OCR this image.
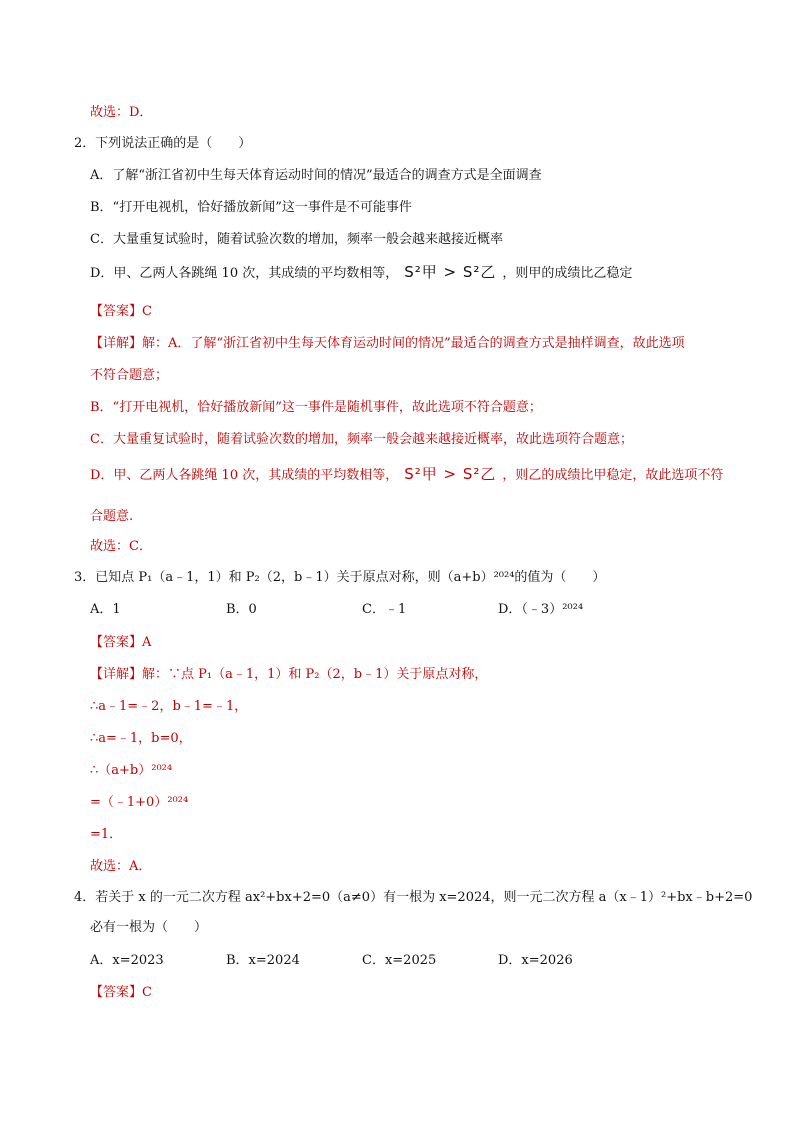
故选：D．
2．下列说法正确的是（　　）
A．了解“浙江省初中生每天体育运动时间的情况”最适合的调查方式是全面调查
B．“打开电视机，恰好播放新闻”这一事件是不可能事件
C．大量重复试验时，随着试验次数的增加，频率一般会越来越接近概率
D．甲、乙两人各跳绳 10 次，其成绩的平均数相等， S²甲 > S²乙 ，则甲的成绩比乙稳定
【答案】C
【详解】解：A．了解“浙江省初中生每天体育运动时间的情况”最适合的调查方式是抽样调查，故此选项
不符合题意；
B．“打开电视机，恰好播放新闻”这一事件是随机事件，故此选项不符合题意；
C．大量重复试验时，随着试验次数的增加，频率一般会越来越接近概率，故此选项符合题意；
D．甲、乙两人各跳绳 10 次，其成绩的平均数相等， S²甲 > S²乙 ，则乙的成绩比甲稳定，故此选项不符
合题意.
故选：C．
3．已知点 P₁（a﹣1，1）和 P₂（2，b﹣1）关于原点对称，则（a+b）²⁰²⁴的值为（　　）
A．1	B．0	C．﹣1	D．（﹣3）²⁰²⁴
【答案】A
【详解】解：∵点 P₁（a﹣1，1）和 P₂（2，b﹣1）关于原点对称，
∴a﹣1=﹣2，b﹣1=﹣1，
∴a=﹣1，b=0，
∴（a+b）²⁰²⁴
=（﹣1+0）²⁰²⁴
=1．
故选：A．
4．若关于 x 的一元二次方程 ax²+bx+2=0（a≠0）有一根为 x=2024，则一元二次方程 a（x﹣1）²+bx﹣b+2=0
必有一根为（　　）
A．x=2023	B．x=2024	C．x=2025	D．x=2026
【答案】C
